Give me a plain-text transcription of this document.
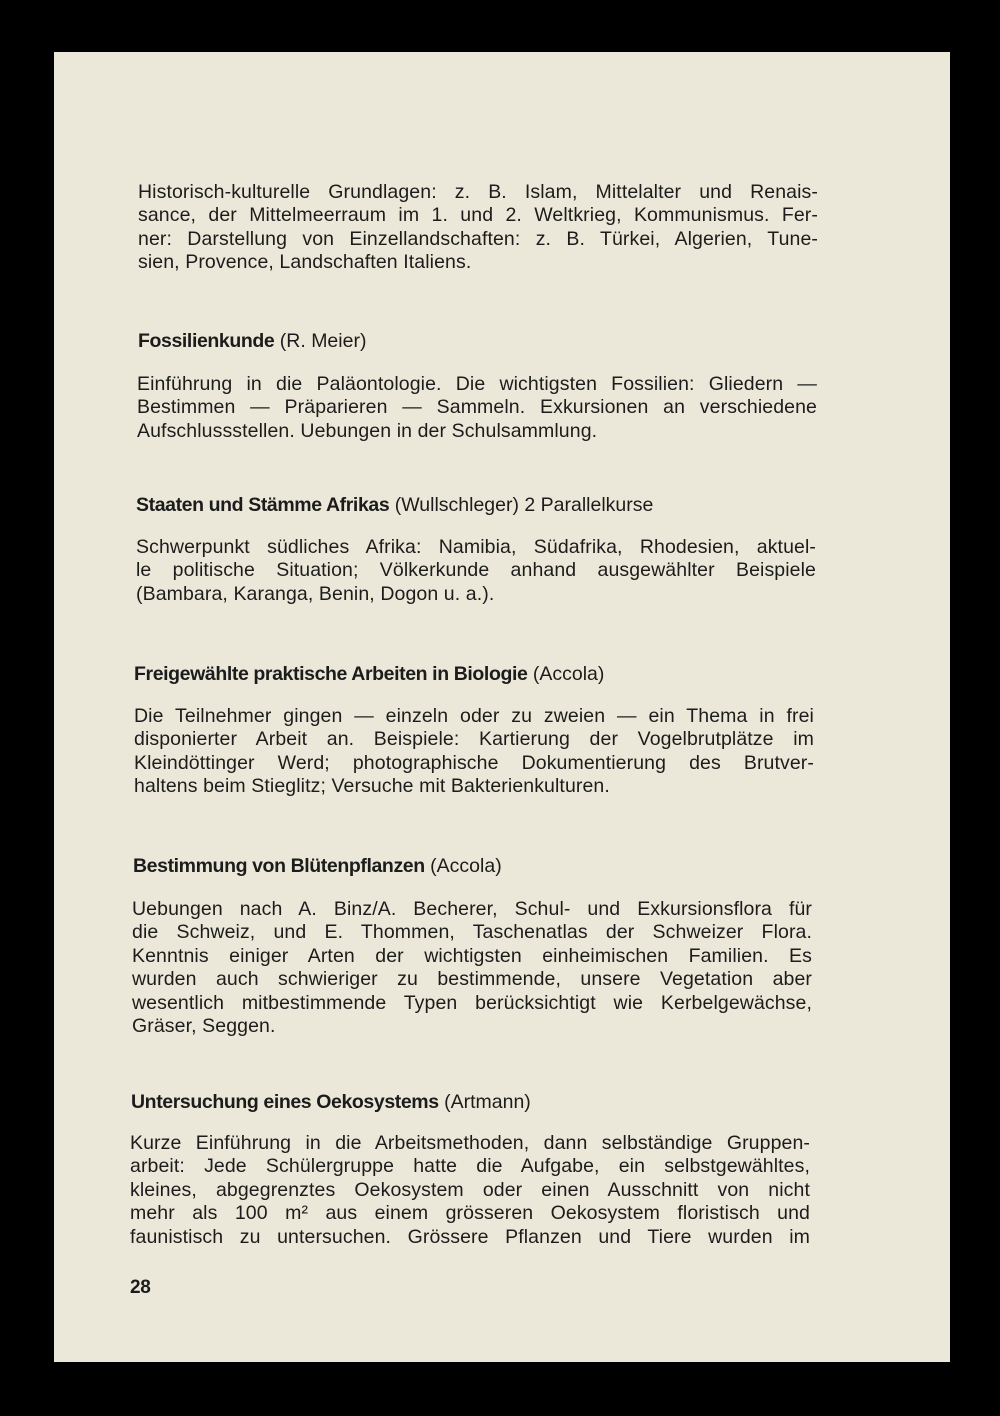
Historisch-kulturelle Grundlagen: z. B. Islam, Mittelalter und Renais-
sance, der Mittelmeerraum im 1. und 2. Weltkrieg, Kommunismus. Fer-
ner: Darstellung von Einzellandschaften: z. B. Türkei, Algerien, Tune-
sien, Provence, Landschaften Italiens.
Fossilienkunde (R. Meier)
Einführung in die Paläontologie. Die wichtigsten Fossilien: Gliedern —
Bestimmen — Präparieren — Sammeln. Exkursionen an verschiedene
Aufschlussstellen. Uebungen in der Schulsammlung.
Staaten und Stämme Afrikas (Wullschleger) 2 Parallelkurse
Schwerpunkt südliches Afrika: Namibia, Südafrika, Rhodesien, aktuel-
le politische Situation; Völkerkunde anhand ausgewählter Beispiele
(Bambara, Karanga, Benin, Dogon u. a.).
Freigewählte praktische Arbeiten in Biologie (Accola)
Die Teilnehmer gingen — einzeln oder zu zweien — ein Thema in frei
disponierter Arbeit an. Beispiele: Kartierung der Vogelbrutplätze im
Kleindöttinger Werd; photographische Dokumentierung des Brutver-
haltens beim Stieglitz; Versuche mit Bakterienkulturen.
Bestimmung von Blütenpflanzen (Accola)
Uebungen nach A. Binz/A. Becherer, Schul- und Exkursionsflora für
die Schweiz, und E. Thommen, Taschenatlas der Schweizer Flora.
Kenntnis einiger Arten der wichtigsten einheimischen Familien. Es
wurden auch schwieriger zu bestimmende, unsere Vegetation aber
wesentlich mitbestimmende Typen berücksichtigt wie Kerbelgewächse,
Gräser, Seggen.
Untersuchung eines Oekosystems (Artmann)
Kurze Einführung in die Arbeitsmethoden, dann selbständige Gruppen-
arbeit: Jede Schülergruppe hatte die Aufgabe, ein selbstgewähltes,
kleines, abgegrenztes Oekosystem oder einen Ausschnitt von nicht
mehr als 100 m² aus einem grösseren Oekosystem floristisch und
faunistisch zu untersuchen. Grössere Pflanzen und Tiere wurden im
28
